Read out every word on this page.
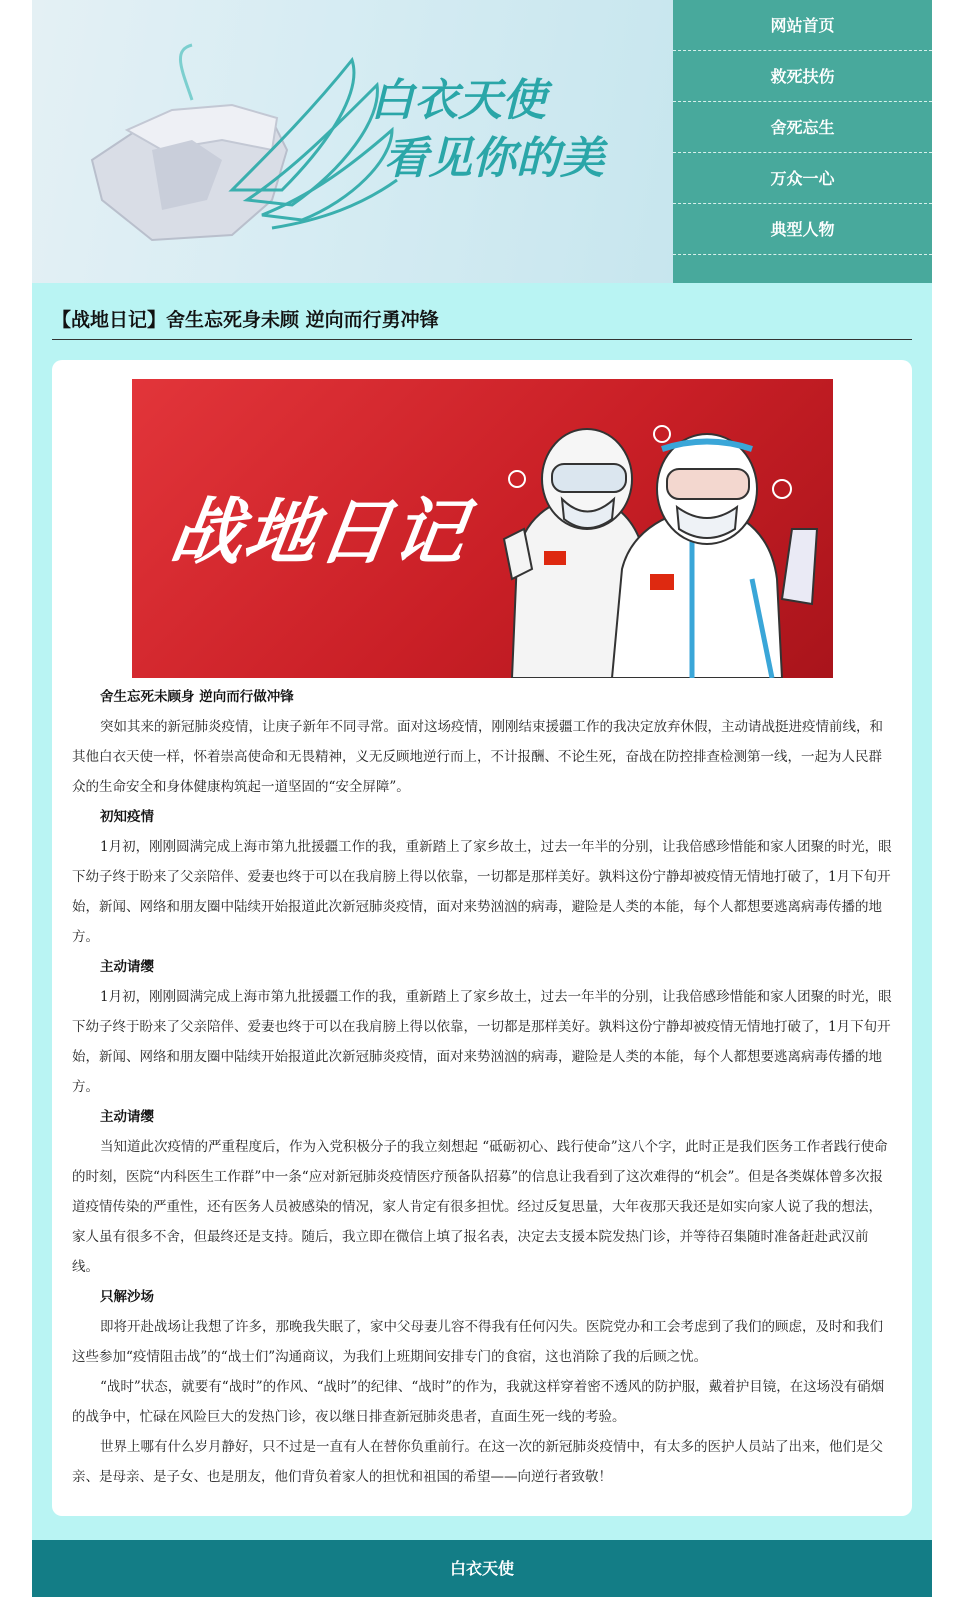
白衣天使
看见你的美
网站首页
救死扶伤
舍死忘生
万众一心
典型人物
【战地日记】舍生忘死身未顾 逆向而行勇冲锋
战地日记

舍生忘死未顾身 逆向而行做冲锋

突如其来的新冠肺炎疫情，让庚子新年不同寻常。面对这场疫情，刚刚结束援疆工作的我决定放弃休假，主动请战挺进疫情前线，和其他白衣天使一样，怀着崇高使命和无畏精神，义无反顾地逆行而上，不计报酬、不论生死，奋战在防控排查检测第一线，一起为人民群众的生命安全和身体健康构筑起一道坚固的“安全屏障”。

初知疫情

1月初，刚刚圆满完成上海市第九批援疆工作的我，重新踏上了家乡故土，过去一年半的分别，让我倍感珍惜能和家人团聚的时光，眼下幼子终于盼来了父亲陪伴、爱妻也终于可以在我肩膀上得以依靠，一切都是那样美好。孰料这份宁静却被疫情无情地打破了，1月下旬开始，新闻、网络和朋友圈中陆续开始报道此次新冠肺炎疫情，面对来势汹汹的病毒，避险是人类的本能，每个人都想要逃离病毒传播的地方。

主动请缨

1月初，刚刚圆满完成上海市第九批援疆工作的我，重新踏上了家乡故土，过去一年半的分别，让我倍感珍惜能和家人团聚的时光，眼下幼子终于盼来了父亲陪伴、爱妻也终于可以在我肩膀上得以依靠，一切都是那样美好。孰料这份宁静却被疫情无情地打破了，1月下旬开始，新闻、网络和朋友圈中陆续开始报道此次新冠肺炎疫情，面对来势汹汹的病毒，避险是人类的本能，每个人都想要逃离病毒传播的地方。

主动请缨

当知道此次疫情的严重程度后，作为入党积极分子的我立刻想起 “砥砺初心、践行使命”这八个字，此时正是我们医务工作者践行使命的时刻，医院“内科医生工作群”中一条“应对新冠肺炎疫情医疗预备队招募”的信息让我看到了这次难得的“机会”。但是各类媒体曾多次报道疫情传染的严重性，还有医务人员被感染的情况，家人肯定有很多担忧。经过反复思量，大年夜那天我还是如实向家人说了我的想法，家人虽有很多不舍，但最终还是支持。随后，我立即在微信上填了报名表，决定去支援本院发热门诊，并等待召集随时准备赶赴武汉前线。

只解沙场

即将开赴战场让我想了许多，那晚我失眠了，家中父母妻儿容不得我有任何闪失。医院党办和工会考虑到了我们的顾虑，及时和我们这些参加“疫情阻击战”的“战士们”沟通商议，为我们上班期间安排专门的食宿，这也消除了我的后顾之忧。

“战时”状态，就要有“战时”的作风、“战时”的纪律、“战时”的作为，我就这样穿着密不透风的防护服，戴着护目镜，在这场没有硝烟的战争中，忙碌在风险巨大的发热门诊，夜以继日排查新冠肺炎患者，直面生死一线的考验。

世界上哪有什么岁月静好，只不过是一直有人在替你负重前行。在这一次的新冠肺炎疫情中，有太多的医护人员站了出来，他们是父亲、是母亲、是子女、也是朋友，他们背负着家人的担忧和祖国的希望——向逆行者致敬！

白衣天使
